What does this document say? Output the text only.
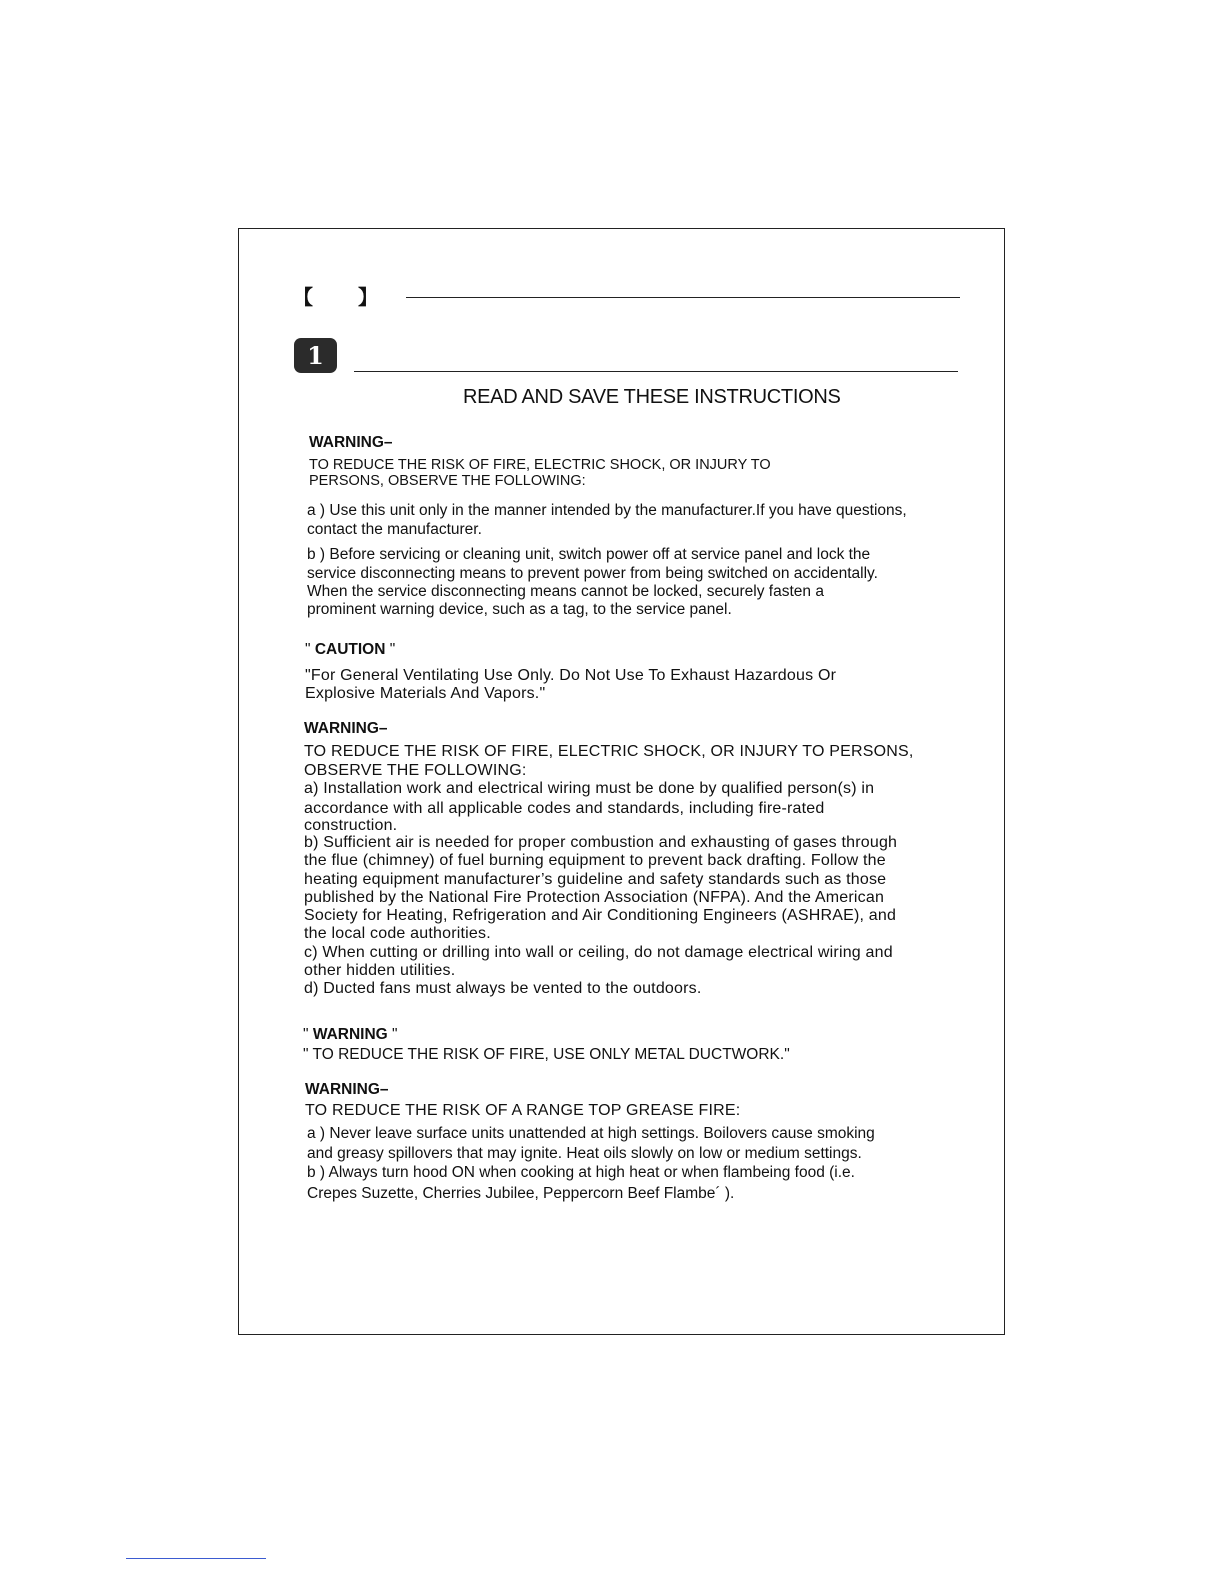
【 】
1
READ AND SAVE THESE INSTRUCTIONS
WARNING–
TO REDUCE THE RISK OF FIRE, ELECTRIC SHOCK, OR INJURY TO
PERSONS, OBSERVE THE FOLLOWING:
a ) Use this unit only in the manner intended by the manufacturer.If you have questions,
contact the manufacturer.
b ) Before servicing or cleaning unit, switch power off at service panel and lock the
service disconnecting means to prevent power from being switched on accidentally.
When the service disconnecting means cannot be locked, securely fasten a
prominent warning device, such as a tag, to the service panel.
" CAUTION "
"For General Ventilating Use Only. Do Not Use To Exhaust Hazardous Or
Explosive Materials And Vapors."
WARNING–
TO REDUCE THE RISK OF FIRE, ELECTRIC SHOCK, OR INJURY TO PERSONS,
OBSERVE THE FOLLOWING:
a) Installation work and electrical wiring must be done by qualified person(s) in
accordance with all applicable codes and standards, including fire-rated
construction.
b) Sufficient air is needed for proper combustion and exhausting of gases through
the flue (chimney) of fuel burning equipment to prevent back drafting. Follow the
heating equipment manufacturer’s guideline and safety standards such as those
published by the National Fire Protection Association (NFPA). And the American
Society for Heating, Refrigeration and Air Conditioning Engineers (ASHRAE), and
the local code authorities.
c) When cutting or drilling into wall or ceiling, do not damage electrical wiring and
other hidden utilities.
d) Ducted fans must always be vented to the outdoors.
" WARNING "
" TO REDUCE THE RISK OF FIRE, USE ONLY METAL DUCTWORK."
WARNING–
TO REDUCE THE RISK OF A RANGE TOP GREASE FIRE:
a ) Never leave surface units unattended at high settings. Boilovers cause smoking
and greasy spillovers that may ignite. Heat oils slowly on low or medium settings.
b ) Always turn hood ON when cooking at high heat or when flambeing food (i.e.
Crepes Suzette, Cherries Jubilee, Peppercorn Beef Flambe´ ).
